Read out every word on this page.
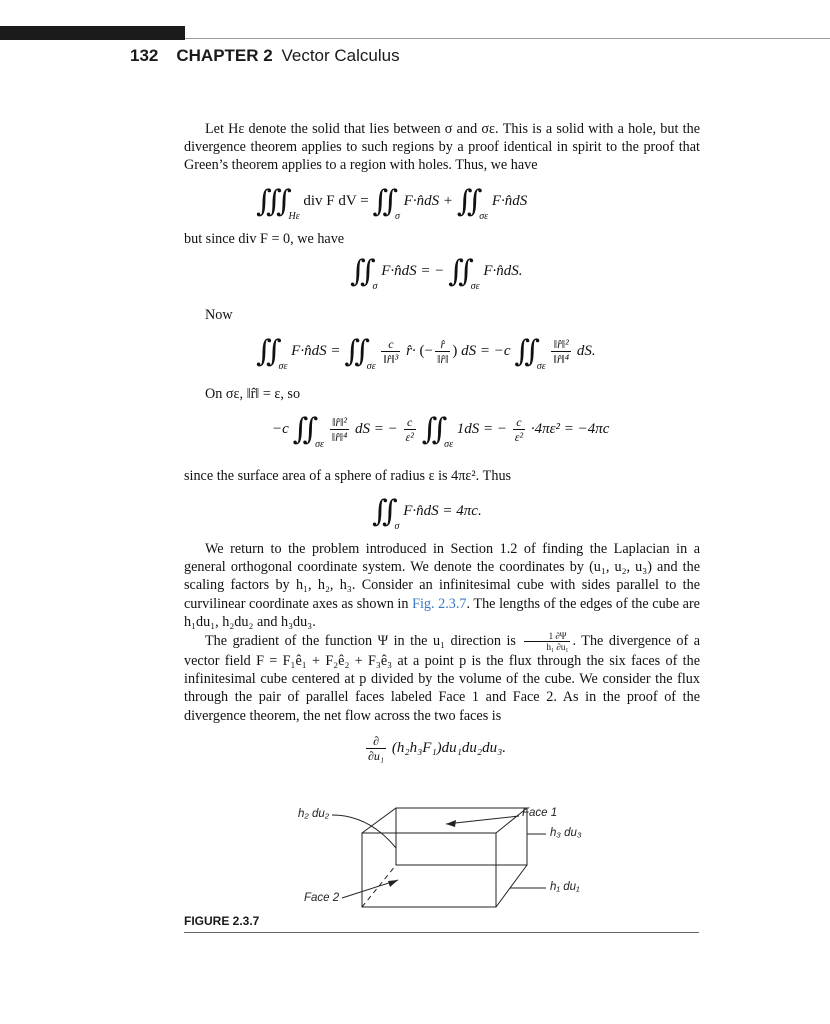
132 CHAPTER 2 Vector Calculus

Let Hε denote the solid that lies between σ and σε. This is a solid with a hole, but the divergence theorem applies to such regions by a proof identical in spirit to the proof that Green’s theorem applies to a region with holes. Thus, we have

∭ $_{H\varepsilon}$ div F dV = ∬ $_\sigma$ F·n̂dS + ∬ $_{\sigma\varepsilon}$ F·n̂dS

but since div F = 0, we have

∬ $_\sigma$ F·n̂dS = − ∬ $_{\sigma\varepsilon}$ F·n̂dS.

Now

∬ $_{\sigma\varepsilon}$ F·n̂dS = ∬ $_{\sigma\varepsilon}$
$\frac{c}{\text{‖r̂‖³}}$ r̂· (− $\frac{r̂}{‖r̂‖}$ ) dS = −c ∬ $_{\sigma\varepsilon}$
$\frac{\text{‖r̂‖²}}{\text{‖r̂‖⁴}}$ dS.

On σε, ‖r̂‖ = ε, so

−c ∬ $_{\sigma\varepsilon}$
$\frac{\text{‖r̂‖²}}{\text{‖r̂‖⁴}}$ dS = − $\frac{c}{\text{ε²}}$ ∬ $_{\sigma\varepsilon}$ 1dS = − $\frac{c}{\text{ε²}} \cdot 4\pi\varepsilon^2 = -4\pi c$

since the surface area of a sphere of radius ε is 4πε². Thus

∬ $_\sigma$ F·n̂dS = 4πc.

We return to the problem introduced in Section 1.2 of finding the Laplacian in a general orthogonal coordinate system. We denote the coordinates by (u₁, u₂, u₃) and the scaling factors by h₁, h₂, h₃. Consider an infinitesimal cube with sides parallel to the curvilinear coordinate axes as shown in Fig. 2.3.7. The lengths of the edges of the cube are h₁du₁, h₂du₂ and h₃du₃.

The gradient of the function Ψ in the u₁ direction is $\frac{1 \partial\Psi}{\text{h₁ ∂u₁}}$ . The divergence of a vector field F = F₁ê₁ + F₂ê₂ + F₃ê₃ at a point p is the flux through the six faces of the infinitesimal cube centered at p divided by the volume of the cube. We consider the flux through the pair of parallel faces labeled Face 1 and Face 2. As in the proof of the divergence theorem, the net flow across the two faces is

$\frac{\partial}{\text{∂u₁}} (h_2h_3F_1)du_1du_2du_3$.
h₂ du₂	Face 1
h₃ du₃
h₁ du₁
Face 2
FIGURE 2.3.7
